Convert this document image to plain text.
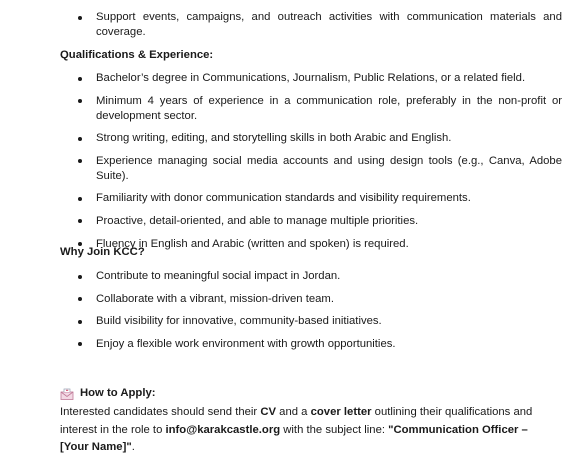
Support events, campaigns, and outreach activities with communication materials and coverage.
Qualifications & Experience:
Bachelor’s degree in Communications, Journalism, Public Relations, or a related field.
Minimum 4 years of experience in a communication role, preferably in the non-profit or development sector.
Strong writing, editing, and storytelling skills in both Arabic and English.
Experience managing social media accounts and using design tools (e.g., Canva, Adobe Suite).
Familiarity with donor communication standards and visibility requirements.
Proactive, detail-oriented, and able to manage multiple priorities.
Fluency in English and Arabic (written and spoken) is required.
Why Join KCC?
Contribute to meaningful social impact in Jordan.
Collaborate with a vibrant, mission-driven team.
Build visibility for innovative, community-based initiatives.
Enjoy a flexible work environment with growth opportunities.
How to Apply:
Interested candidates should send their CV and a cover letter outlining their qualifications and interest in the role to info@karakcastle.org with the subject line: "Communication Officer – [Your Name]".
